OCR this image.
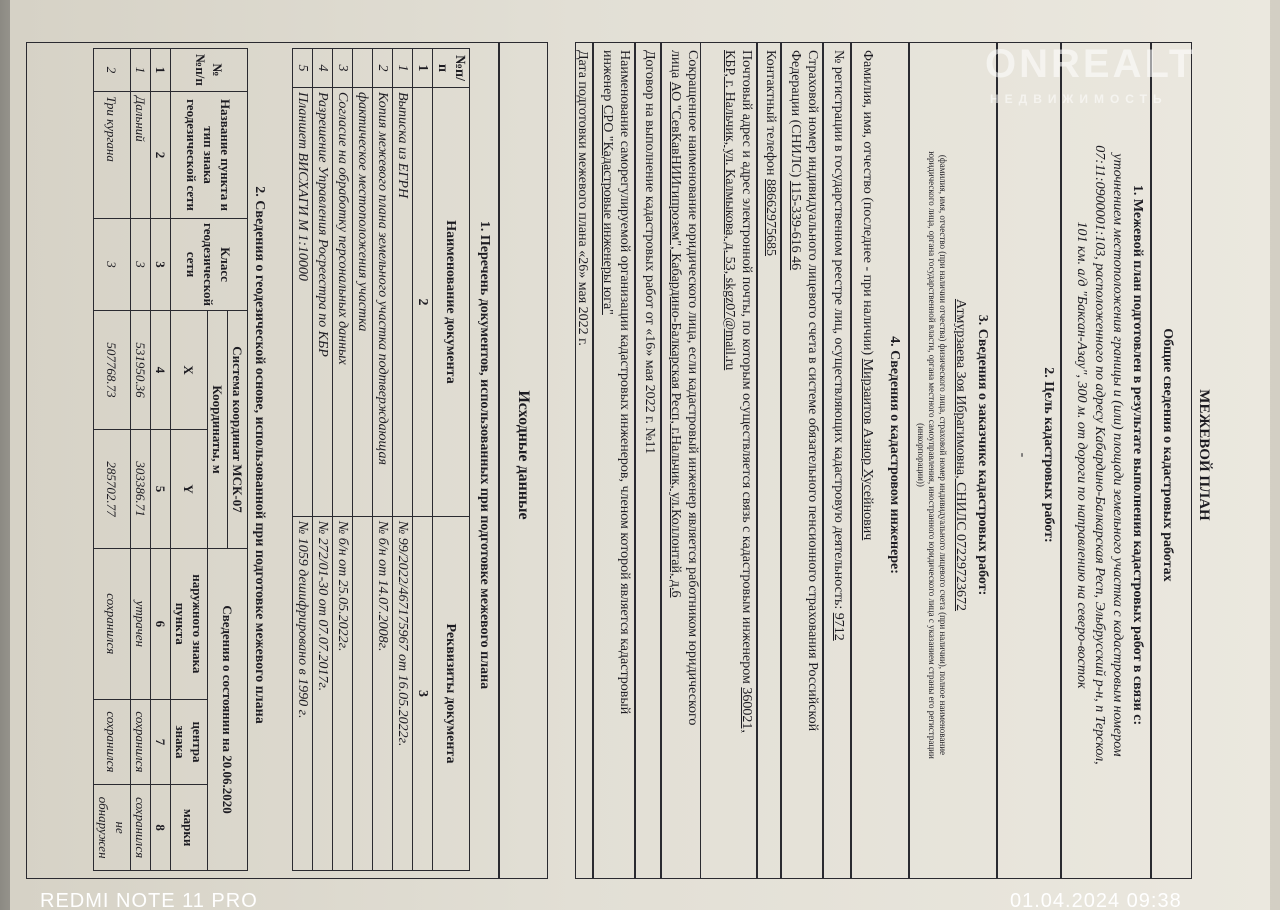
МЕЖЕВОЙ ПЛАН
Общие сведения о кадастровых работах
1. Межевой план подготовлен в результате выполнения кадастровых работ в связи с:
уточнением местоположения границы и (или) площади земельного участка с кадастровым номером
07:11:0900001:103, расположенного по адресу Кабардино-Балкарская Респ, Эльбрусский р-н, п Терскол,
101 км. а/д "Баксан-Азау", 300 м. от дороги по направлению на северо-восток
2. Цель кадастровых работ:
-
3. Сведения о заказчике кадастровых работ:
Атмурзаева Зоя Ибрагимовна, СНИЛС 07229723672
(фамилия, имя, отчество (при наличии отчества) физического лица, страховой номер индивидуального лицевого счета (при наличии), полное наименование
юридического лица, органа государственной власти, органа местного самоуправления, иностранного юридического лица с указанием страны его регистрации
(инкорпорации))
4. Сведения о кадастровом инженере:
Фамилия, имя, отчество (последнее - при наличии) Мирзаитов Азнор Хусейнович
№ регистрации в государственном реестре лиц, осуществляющих кадастровую деятельность: 9712
Страховой номер индивидуального лицевого счета в системе обязательного пенсионного страхования Российской
Федерации (СНИЛС) 115-339-616 46
Контактный телефон 88662975685
Почтовый адрес и адрес электронной почты, по которым осуществляется связь с кадастровым инженером 360021,
КБР, г. Нальчик, ул. Калмыкова, д. 53, skgz07@mail.ru
Сокращенное наименование юридического лица, если кадастровый инженер является работником юридического
лица АО "СевКавНИИгипрозем", Кабардино-Балкарская Респ, г.Нальчик, ул.Коллонтай, д.6
Договор на выполнение кадастровых работ от «16» мая 2022 г. №11
Наименование саморегулируемой организации кадастровых инженеров, членом которой является кадастровый
инженер СРО "Кадастровые инженеры юга"
Дата подготовки межевого плана «26» мая 2022 г.
Исходные данные
1. Перечень документов, использованных при подготовке межевого плана
№п/п	Наименование документа	Реквизиты документа
1	2	3
1	Выписка из ЕГРН	№ 99/2022/467175967 от 16.05.2022г.
2	Копия межевого плана земельного участка подтверждающая	№ б/н от 14.07.2008г.
	фактическое местоположения участка	
3	Согласие на обработку персональных данных	№ б/н от 25.05.2022г.
4	Разрешение Управления Росреестра по КБР	№ 272/01-30 от 07.07.2017г.
5	Планшет ВИСХАГИ М 1:10000	№ 1059 дешифрировано в 1990 г.
2. Сведения о геодезической основе, использованной при подготовке межевого плана
№№п/п	Название пункта и тип знака геодезической сети	Класс геодезической сети	Система координат МСК-07		Сведения о состоянии на 20.06.2020		
			Координаты, м				
			X	Y	наружного знака пункта	центра знака	марки
1	2	3	4	5	6	7	8
1	Дальний	3	531950.36	303386.71	утрачен	сохранился	сохранился
2	Три кургана	3	507768.73	285702.77	сохранился	сохранился	не обнаружен
ONREALT
НЕДВИЖИМОСТЬ
REDMI NOTE 11 PRO	01.04.2024 09:38
